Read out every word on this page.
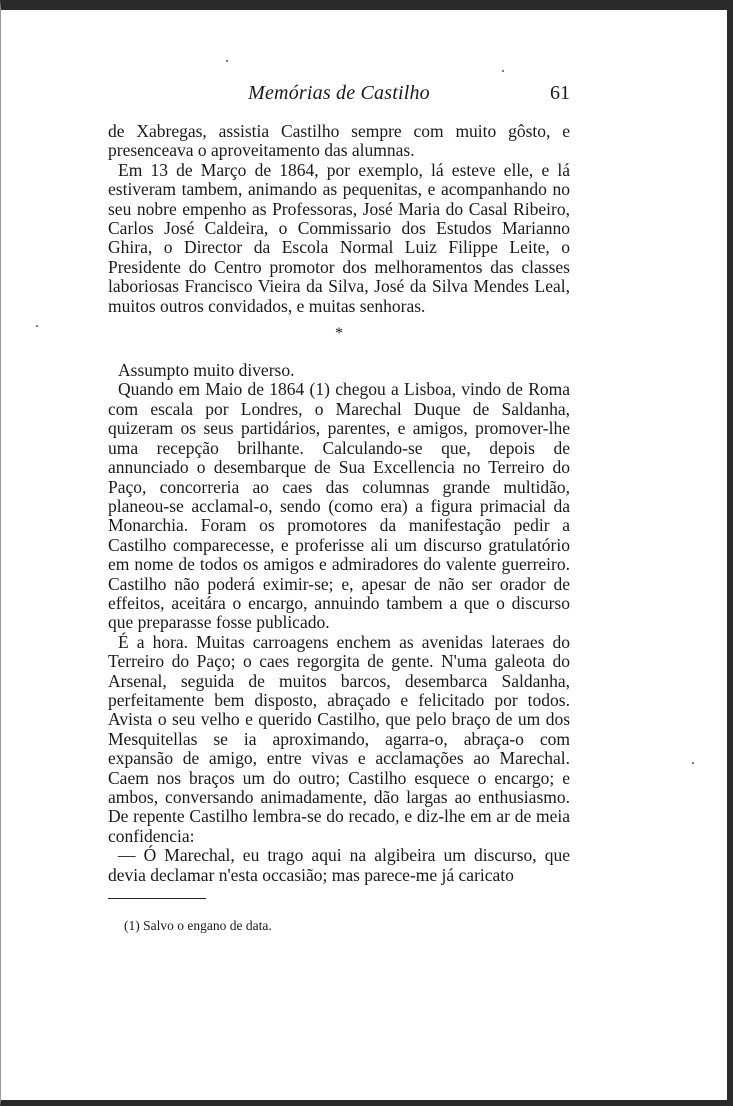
Memórias de Castilho	61

de Xabregas, assistia Castilho sempre com muito gôsto, e presenceava o aproveitamento das alumnas.

Em 13 de Março de 1864, por exemplo, lá esteve elle, e lá estiveram tambem, animando as pequenitas, e acompanhando no seu nobre empenho as Professoras, José Maria do Casal Ribeiro, Carlos José Caldeira, o Commissario dos Estudos Marianno Ghira, o Director da Escola Normal Luiz Filippe Leite, o Presidente do Centro promotor dos melhoramentos das classes laboriosas Francisco Vieira da Silva, José da Silva Mendes Leal, muitos outros convidados, e muitas senhoras.

*

Assumpto muito diverso.

Quando em Maio de 1864 (1) chegou a Lisboa, vindo de Roma com escala por Londres, o Marechal Duque de Saldanha, quizeram os seus partidários, parentes, e amigos, promover-lhe uma recepção brilhante. Calculando-se que, depois de annunciado o desembarque de Sua Excellencia no Terreiro do Paço, concorreria ao caes das columnas grande multidão, planeou-se acclamal-o, sendo (como era) a figura primacial da Monarchia. Foram os promotores da manifestação pedir a Castilho comparecesse, e proferisse ali um discurso gratulatório em nome de todos os amigos e admiradores do valente guerreiro. Castilho não poderá eximir-se; e, apesar de não ser orador de effeitos, aceitára o encargo, annuindo tambem a que o discurso que preparasse fosse publicado.

É a hora. Muitas carroagens enchem as avenidas lateraes do Terreiro do Paço; o caes regorgita de gente. N'uma galeota do Arsenal, seguida de muitos barcos, desembarca Saldanha, perfeitamente bem disposto, abraçado e felicitado por todos. Avista o seu velho e querido Castilho, que pelo braço de um dos Mesquitellas se ia aproximando, agarra-o, abraça-o com expansão de amigo, entre vivas e acclamações ao Marechal. Caem nos braços um do outro; Castilho esquece o encargo; e ambos, conversando animadamente, dão largas ao enthusiasmo. De repente Castilho lembra-se do recado, e diz-lhe em ar de meia confidencia:

— Ó Marechal, eu trago aqui na algibeira um discurso, que devia declamar n'esta occasião; mas parece-me já caricato

(1) Salvo o engano de data.
